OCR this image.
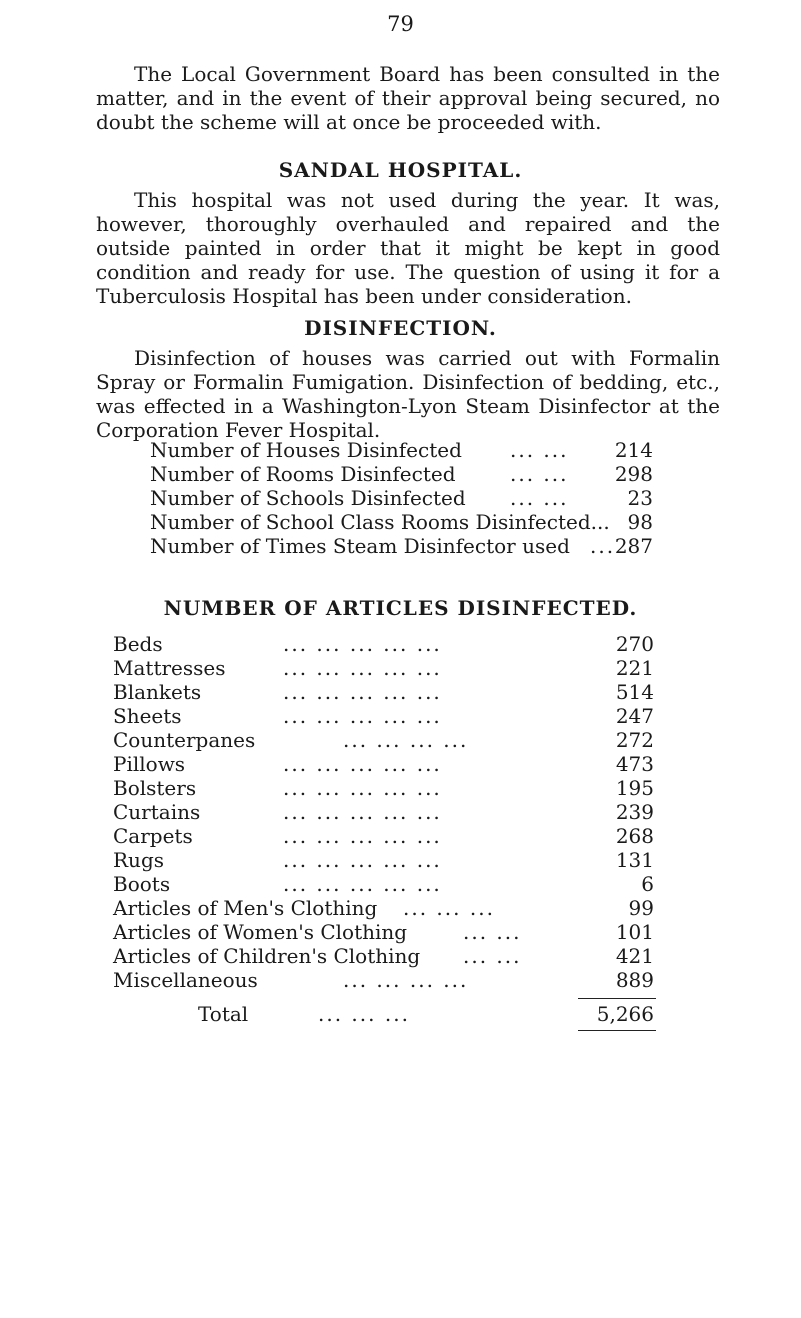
79

The Local Government Board has been consulted in the matter, and in the event of their approval being secured, no doubt the scheme will at once be proceeded with.

SANDAL HOSPITAL.

This hospital was not used during the year. It was, however, thoroughly overhauled and repaired and the outside painted in order that it might be kept in good condition and ready for use. The question of using it for a Tuberculosis Hospital has been under consideration.

DISINFECTION.

Disinfection of houses was carried out with Formalin Spray or Formalin Fumigation. Disinfection of bedding, etc., was effected in a Washington-Lyon Steam Disinfector at the Corporation Fever Hospital.

Number of Houses Disinfected ... ... 214
Number of Rooms Disinfected	... ... 298
Number of Schools Disinfected ... ...	23
Number of School Class Rooms Disinfected... 98
Number of Times Steam Disinfector used ... 287
NUMBER OF ARTICLES DISINFECTED.
Beds	... ... ... ... ...	270
Mattresses	... ... ... ... ...	221
Blankets	... ... ... ... ...	514
Sheets	... ... ... ... ...	247
Counterpanes	... ... ... ...	272
Pillows	... ... ... ... ...	473
Bolsters	... ... ... ... ...	195
Curtains	... ... ... ... ...	239
Carpets	... ... ... ... ...	268
Rugs	... ... ... ... ...	131
Boots	... ... ... ... ...	6
Articles of Men's Clothing ... ... ...	99
Articles of Women's Clothing	... ...	101
Articles of Children's Clothing ... ...	421
Miscellaneous	... ... ... ...	889
Total	... ... ...	5,266
